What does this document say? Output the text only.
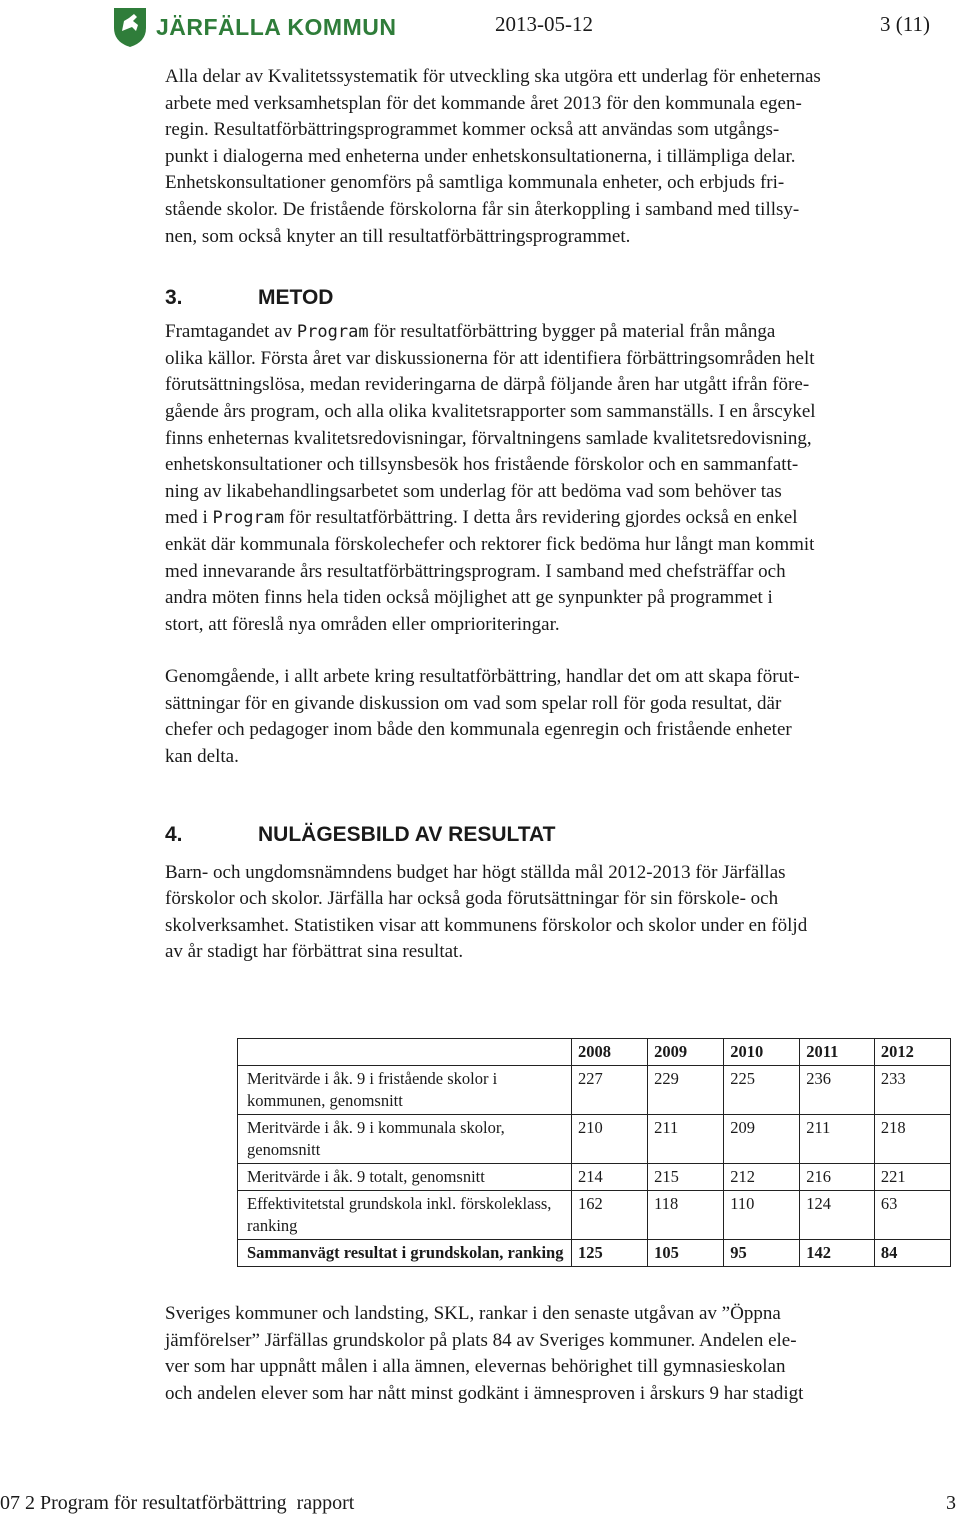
JÄRFÄLLA KOMMUN	2013-05-12	3 (11)

Alla delar av Kvalitetssystematik för utveckling ska utgöra ett underlag för enheternas

arbete med verksamhetsplan för det kommande året 2013 för den kommunala egen-

regin. Resultatförbättringsprogrammet kommer också att användas som utgångs-

punkt i dialogerna med enheterna under enhetskonsultationerna, i tillämpliga delar.

Enhetskonsultationer genomförs på samtliga kommunala enheter, och erbjuds fri-

stående skolor. De fristående förskolorna får sin återkoppling i samband med tillsy-

nen, som också knyter an till resultatförbättringsprogrammet.

3.	METOD

Framtagandet av Program för resultatförbättring bygger på material från många

olika källor. Första året var diskussionerna för att identifiera förbättringsområden helt

förutsättningslösa, medan revideringarna de därpå följande åren har utgått ifrån före-

gående års program, och alla olika kvalitetsrapporter som sammanställs. I en årscykel

finns enheternas kvalitetsredovisningar, förvaltningens samlade kvalitetsredovisning,

enhetskonsultationer och tillsynsbesök hos fristående förskolor och en sammanfatt-

ning av likabehandlingsarbetet som underlag för att bedöma vad som behöver tas

med i Program för resultatförbättring. I detta års revidering gjordes också en enkel

enkät där kommunala förskolechefer och rektorer fick bedöma hur långt man kommit

med innevarande års resultatförbättringsprogram. I samband med chefsträffar och

andra möten finns hela tiden också möjlighet att ge synpunkter på programmet i

stort, att föreslå nya områden eller omprioriteringar.

Genomgående, i allt arbete kring resultatförbättring, handlar det om att skapa förut-

sättningar för en givande diskussion om vad som spelar roll för goda resultat, där

chefer och pedagoger inom både den kommunala egenregin och fristående enheter

kan delta.

4.	NULÄGESBILD AV RESULTAT

Barn- och ungdomsnämndens budget har högt ställda mål 2012-2013 för Järfällas

förskolor och skolor. Järfälla har också goda förutsättningar för sin förskole- och

skolverksamhet. Statistiken visar att kommunens förskolor och skolor under en följd

av år stadigt har förbättrat sina resultat.

	2008	2009	2010	2011	2012
Meritvärde i åk. 9 i fristående skolor i kommunen, genomsnitt	227	229	225	236	233
Meritvärde i åk. 9 i kommunala skolor, genomsnitt	210	211	209	211	218
Meritvärde i åk. 9 totalt, genomsnitt	214	215	212	216	221
Effektivitetstal grundskola inkl. förskoleklass, ranking	162	118	110	124	63
Sammanvägt resultat i grundskolan, ranking	125	105	95	142	84

Sveriges kommuner och landsting, SKL, rankar i den senaste utgåvan av ”Öppna

jämförelser” Järfällas grundskolor på plats 84 av Sveriges kommuner. Andelen ele-

ver som har uppnått målen i alla ämnen, elevernas behörighet till gymnasieskolan

och andelen elever som har nått minst godkänt i ämnesproven i årskurs 9 har stadigt

07 2 Program för resultatförbättring  rapport	3
